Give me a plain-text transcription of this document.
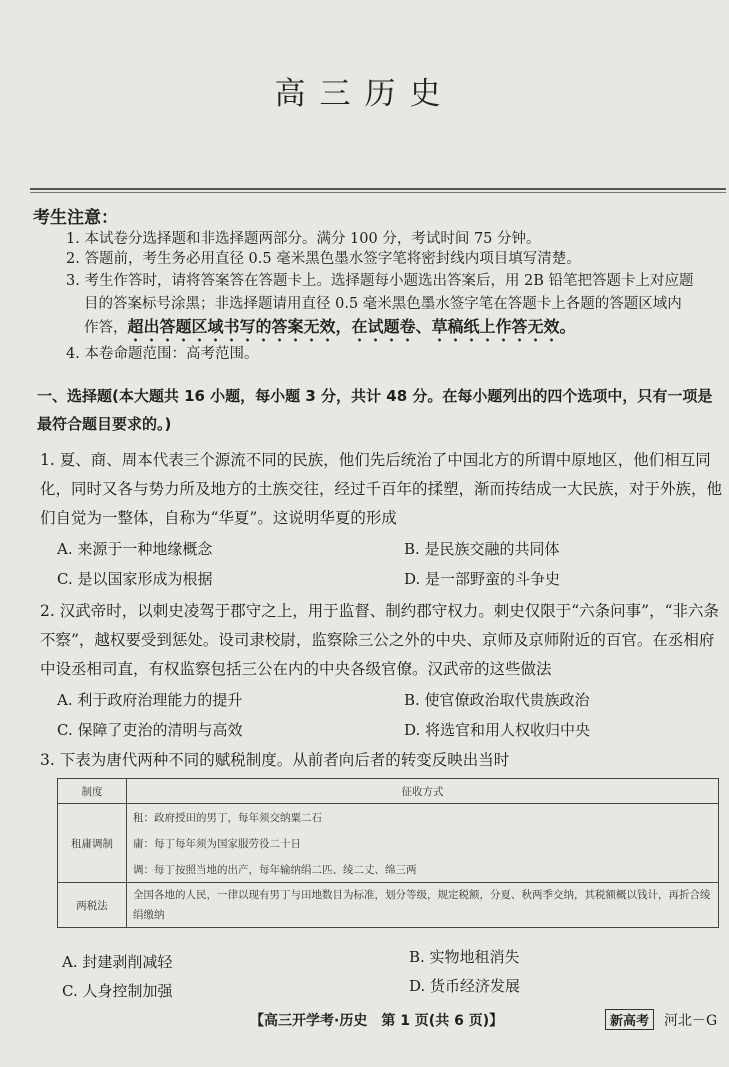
高三历史
考生注意：
1. 本试卷分选择题和非选择题两部分。满分 100 分，考试时间 75 分钟。
2. 答题前，考生务必用直径 0.5 毫米黑色墨水签字笔将密封线内项目填写清楚。
3. 考生作答时，请将答案答在答题卡上。选择题每小题选出答案后，用 2B 铅笔把答题卡上对应题
目的答案标号涂黑；非选择题请用直径 0.5 毫米黑色墨水签字笔在答题卡上各题的答题区域内
作答，超出答题区域书写的答案无效，在试题卷、草稿纸上作答无效。
4. 本卷命题范围：高考范围。
一、选择题(本大题共 16 小题，每小题 3 分，共计 48 分。在每小题列出的四个选项中，只有一项是最符合题目要求的。)
1. 夏、商、周本代表三个源流不同的民族，他们先后统治了中国北方的所谓中原地区，他们相互同化，同时又各与势力所及地方的土族交往，经过千百年的揉塑，渐而抟结成一大民族，对于外族，他们自觉为一整体，自称为“华夏”。这说明华夏的形成
A. 来源于一种地缘概念	B. 是民族交融的共同体
C. 是以国家形成为根据	D. 是一部野蛮的斗争史
2. 汉武帝时，以刺史凌驾于郡守之上，用于监督、制约郡守权力。刺史仅限于“六条问事”，“非六条不察”，越权要受到惩处。设司隶校尉，监察除三公之外的中央、京师及京师附近的百官。在丞相府中设丞相司直，有权监察包括三公在内的中央各级官僚。汉武帝的这些做法
A. 利于政府治理能力的提升	B. 使官僚政治取代贵族政治
C. 保障了吏治的清明与高效	D. 将选官和用人权收归中央
3. 下表为唐代两种不同的赋税制度。从前者向后者的转变反映出当时
制度	征收方式
租庸调制	租：政府授田的男丁，每年须交纳粟二石
	庸：每丁每年须为国家服劳役二十日
	调：每丁按照当地的出产，每年输纳绢二匹、绫二丈、绵三两
两税法	全国各地的人民，一律以现有男丁与田地数目为标准，划分等级，规定税额，分夏、秋两季交纳，其税额概以钱计，再折合绫绢缴纳
A. 封建剥削减轻	B. 实物地租消失
C. 人身控制加强	D. 货币经济发展
【高三开学考·历史　第 1 页(共 6 页)】	新高考	河北－G
